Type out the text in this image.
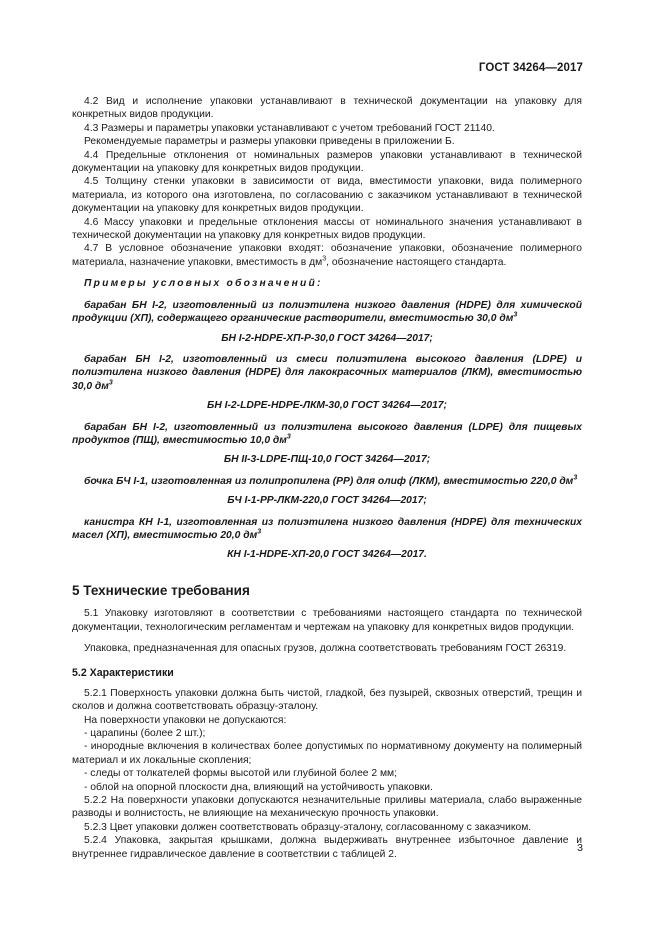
ГОСТ 34264—2017

4.2 Вид и исполнение упаковки устанавливают в технической документации на упаковку для конкретных видов продукции.

4.3 Размеры и параметры упаковки устанавливают с учетом требований ГОСТ 21140.

Рекомендуемые параметры и размеры упаковки приведены в приложении Б.

4.4 Предельные отклонения от номинальных размеров упаковки устанавливают в технической документации на упаковку для конкретных видов продукции.

4.5 Толщину стенки упаковки в зависимости от вида, вместимости упаковки, вида полимерного материала, из которого она изготовлена, по согласованию с заказчиком устанавливают в технической документации на упаковку для конкретных видов продукции.

4.6 Массу упаковки и предельные отклонения массы от номинального значения устанавливают в технической документации на упаковку для конкретных видов продукции.

4.7 В условное обозначение упаковки входят: обозначение упаковки, обозначение полимерного материала, назначение упаковки, вместимость в $дм^3$, обозначение настоящего стандарта.

Примеры условных обозначений:

барабан БН I-2, изготовленный из полиэтилена низкого давления (HDPE) для химической продукции (ХП), содержащего органические растворители, вместимостью 30,0 $дм^3$

БН I-2-HDPE-ХП-Р-30,0 ГОСТ 34264—2017;

барабан БН I-2, изготовленный из смеси полиэтилена высокого давления (LDPE) и полиэтилена низкого давления (HDPE) для лакокрасочных материалов (ЛКМ), вместимостью 30,0 $дм^3$

БН I-2-LDPE-HDPE-ЛКМ-30,0 ГОСТ 34264—2017;

барабан БН I-2, изготовленный из полиэтилена высокого давления (LDPE) для пищевых продуктов (ПЩ), вместимостью 10,0 $дм^3$

БН II-3-LDPE-ПЩ-10,0 ГОСТ 34264—2017;

бочка БЧ I-1, изготовленная из полипропилена (PP) для олиф (ЛКМ), вместимостью 220,0 $дм^3$

БЧ I-1-PP-ЛКМ-220,0 ГОСТ 34264—2017;

канистра КН I-1, изготовленная из полиэтилена низкого давления (HDPE) для технических масел (ХП), вместимостью 20,0 $дм^3$

КН I-1-HDPE-ХП-20,0 ГОСТ 34264—2017.

5 Технические требования

5.1 Упаковку изготовляют в соответствии с требованиями настоящего стандарта по технической документации, технологическим регламентам и чертежам на упаковку для конкретных видов продукции.

Упаковка, предназначенная для опасных грузов, должна соответствовать требованиям ГОСТ 26319.

5.2 Характеристики

5.2.1 Поверхность упаковки должна быть чистой, гладкой, без пузырей, сквозных отверстий, трещин и сколов и должна соответствовать образцу-эталону.

На поверхности упаковки не допускаются:

- царапины (более 2 шт.);

- инородные включения в количествах более допустимых по нормативному документу на полимерный материал и их локальные скопления;

- следы от толкателей формы высотой или глубиной более 2 мм;

- облой на опорной плоскости дна, влияющий на устойчивость упаковки.

5.2.2 На поверхности упаковки допускаются незначительные приливы материала, слабо выраженные разводы и волнистость, не влияющие на механическую прочность упаковки.

5.2.3 Цвет упаковки должен соответствовать образцу-эталону, согласованному с заказчиком.

5.2.4 Упаковка, закрытая крышками, должна выдерживать внутреннее избыточное давление и внутреннее гидравлическое давление в соответствии с таблицей 2.

3
